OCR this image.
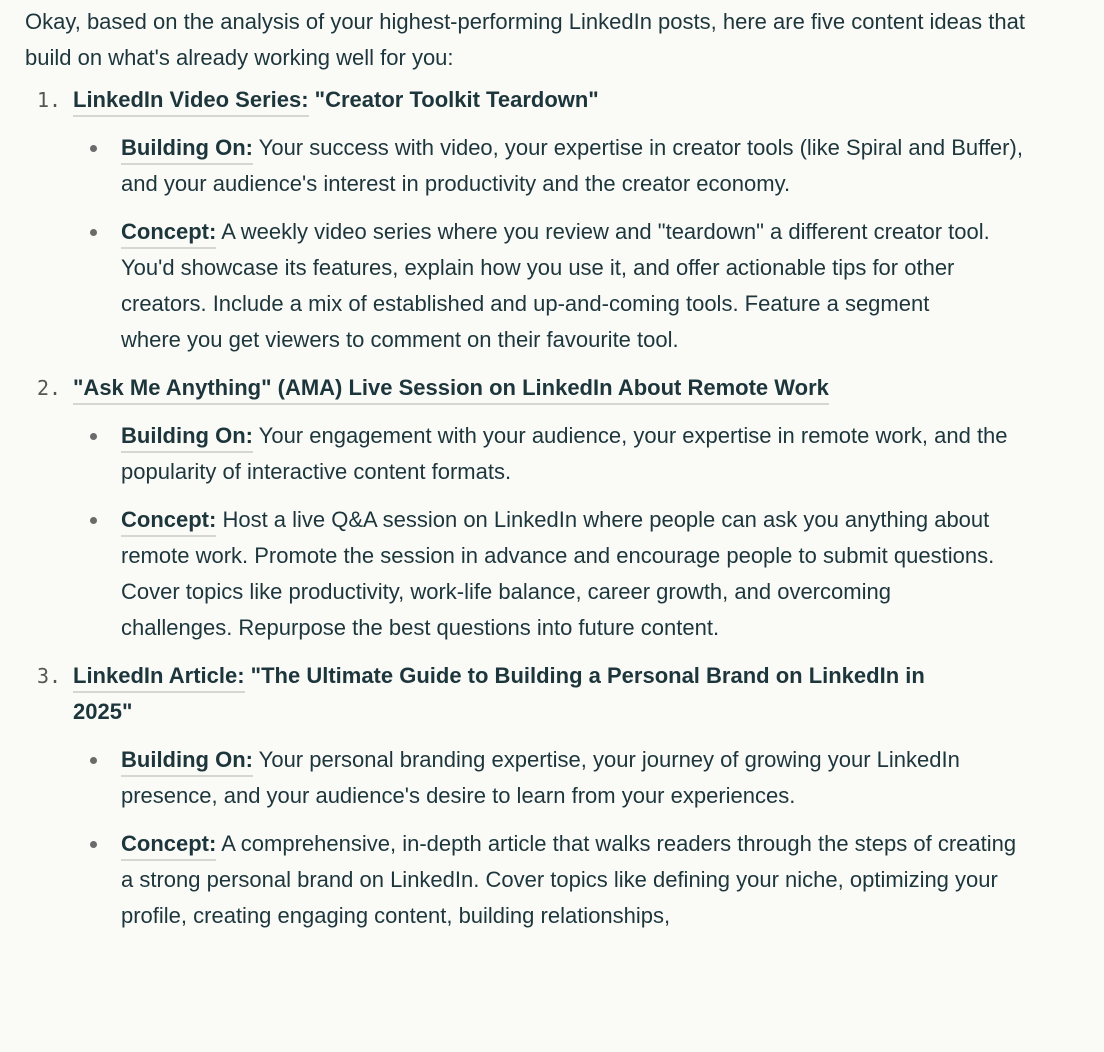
Okay, based on the analysis of your highest-performing LinkedIn posts, here are five content ideas that build on what's already working well for you:

1. LinkedIn Video Series: "Creator Toolkit Teardown"

Building On: Your success with video, your expertise in creator tools (like Spiral and Buffer), and your audience's interest in productivity and the creator economy.
Concept: A weekly video series where you review and "teardown" a different creator tool. You'd showcase its features, explain how you use it, and offer actionable tips for other creators. Include a mix of established and up-and-coming tools. Feature a segment where you get viewers to comment on their favourite tool.
2. "Ask Me Anything" (AMA) Live Session on LinkedIn About Remote Work

Building On: Your engagement with your audience, your expertise in remote work, and the popularity of interactive content formats.
Concept: Host a live Q&A session on LinkedIn where people can ask you anything about remote work. Promote the session in advance and encourage people to submit questions. Cover topics like productivity, work-life balance, career growth, and overcoming challenges. Repurpose the best questions into future content.
3. LinkedIn Article: "The Ultimate Guide to Building a Personal Brand on LinkedIn in 2025"

Building On: Your personal branding expertise, your journey of growing your LinkedIn presence, and your audience's desire to learn from your experiences.
Concept: A comprehensive, in-depth article that walks readers through the steps of creating a strong personal brand on LinkedIn. Cover topics like defining your niche, optimizing your profile, creating engaging content, building relationships,
